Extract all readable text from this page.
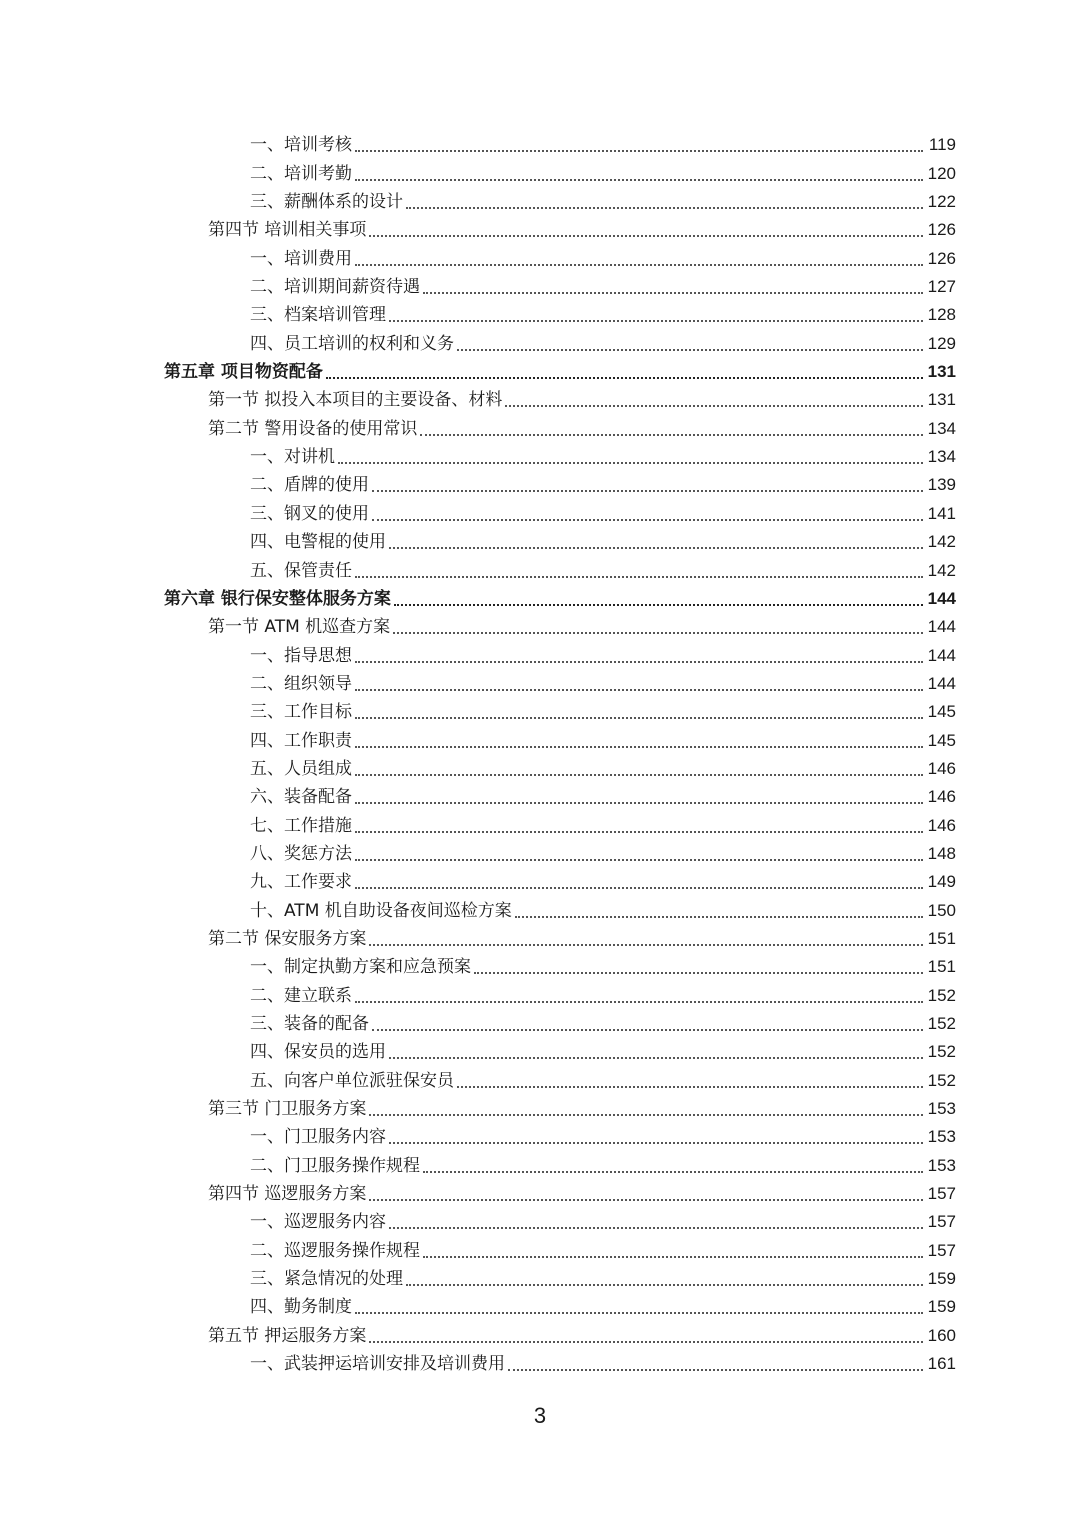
一、培训考核	119
二、培训考勤	120
三、薪酬体系的设计	122
第四节 培训相关事项	126
一、培训费用	126
二、培训期间薪资待遇	127
三、档案培训管理	128
四、员工培训的权利和义务	129
第五章 项目物资配备	131
第一节 拟投入本项目的主要设备、材料	131
第二节 警用设备的使用常识	134
一、对讲机	134
二、盾牌的使用	139
三、钢叉的使用	141
四、电警棍的使用	142
五、保管责任	142
第六章 银行保安整体服务方案	144
第一节 ATM 机巡查方案	144
一、指导思想	144
二、组织领导	144
三、工作目标	145
四、工作职责	145
五、人员组成	146
六、装备配备	146
七、工作措施	146
八、奖惩方法	148
九、工作要求	149
十、ATM 机自助设备夜间巡检方案	150
第二节 保安服务方案	151
一、制定执勤方案和应急预案	151
二、建立联系	152
三、装备的配备	152
四、保安员的选用	152
五、向客户单位派驻保安员	152
第三节 门卫服务方案	153
一、门卫服务内容	153
二、门卫服务操作规程	153
第四节 巡逻服务方案	157
一、巡逻服务内容	157
二、巡逻服务操作规程	157
三、紧急情况的处理	159
四、勤务制度	159
第五节 押运服务方案	160
一、武装押运培训安排及培训费用	161
3
